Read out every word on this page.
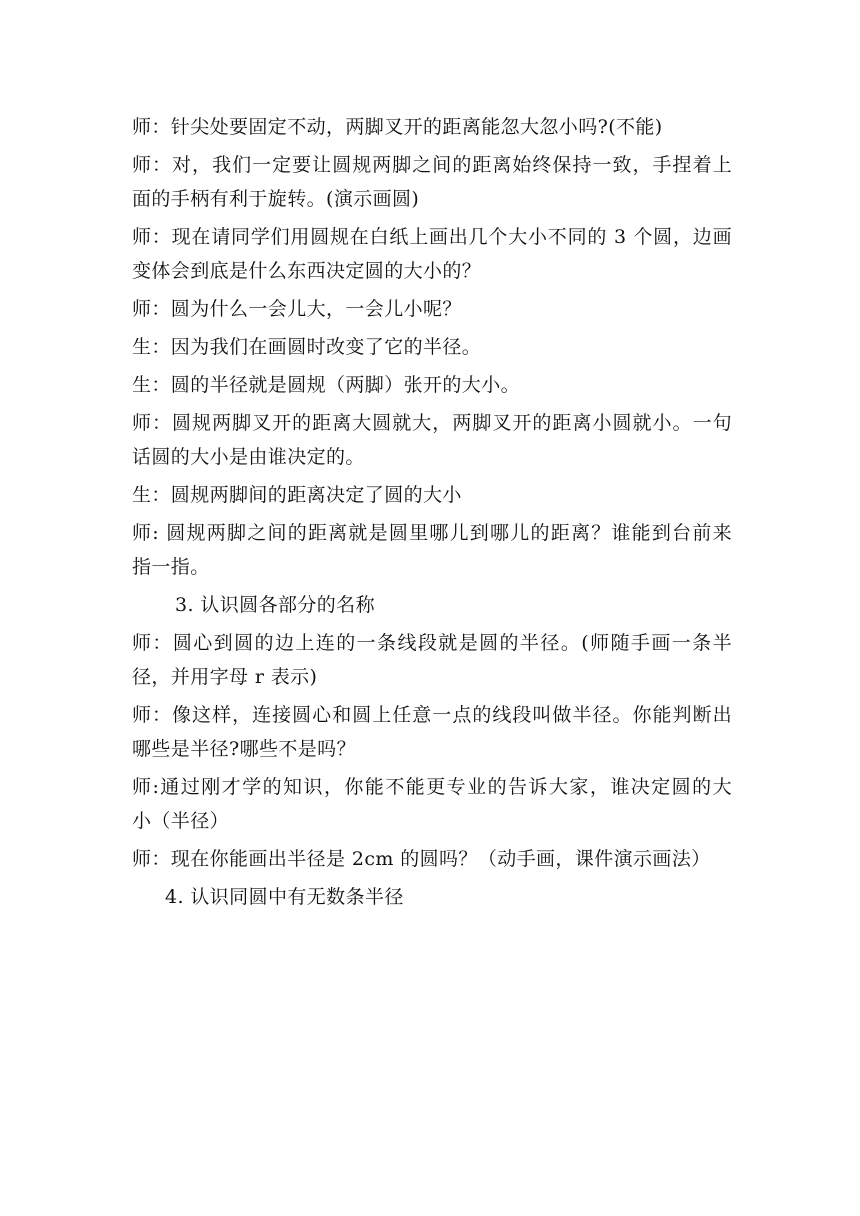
师：针尖处要固定不动，两脚叉开的距离能忽大忽小吗?(不能)
师：对，我们一定要让圆规两脚之间的距离始终保持一致，手捏着上
面的手柄有利于旋转。(演示画圆)
师：现在请同学们用圆规在白纸上画出几个大小不同的 3 个圆，边画
变体会到底是什么东西决定圆的大小的？
师：圆为什么一会儿大，一会儿小呢？
生：因为我们在画圆时改变了它的半径。
生：圆的半径就是圆规（两脚）张开的大小。
师：圆规两脚叉开的距离大圆就大，两脚叉开的距离小圆就小。一句
话圆的大小是由谁决定的。
生：圆规两脚间的距离决定了圆的大小
师: 圆规两脚之间的距离就是圆里哪儿到哪儿的距离？谁能到台前来
指一指。
3. 认识圆各部分的名称
师：圆心到圆的边上连的一条线段就是圆的半径。(师随手画一条半
径，并用字母 r 表示)
师：像这样，连接圆心和圆上任意一点的线段叫做半径。你能判断出
哪些是半径?哪些不是吗？
师:通过刚才学的知识，你能不能更专业的告诉大家，谁决定圆的大
小（半径）
师：现在你能画出半径是 2cm 的圆吗？（动手画，课件演示画法）
4. 认识同圆中有无数条半径
